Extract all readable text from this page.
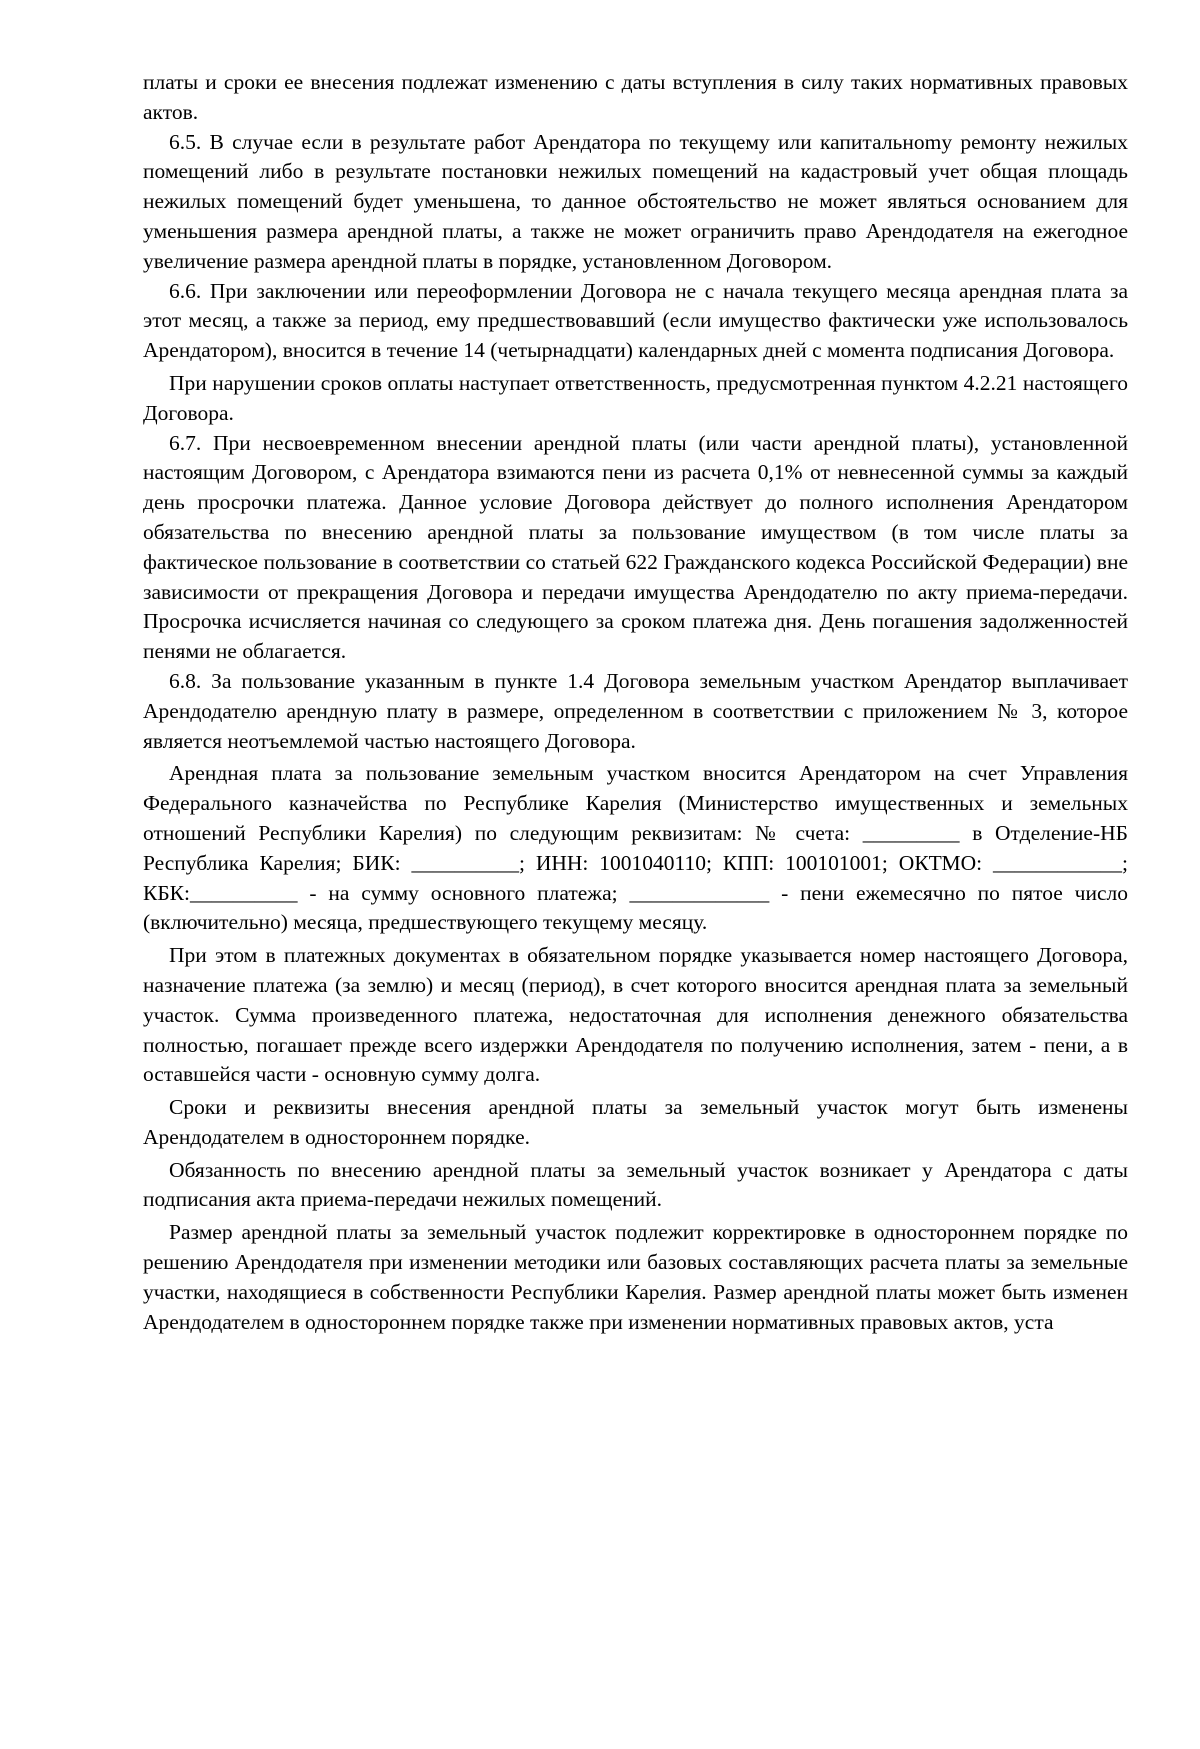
платы и сроки ее внесения подлежат изменению с даты вступления в силу таких нормативных правовых актов.

6.5. В случае если в результате работ Арендатора по текущему или капитальноmу ремонту нежилых помещений либо в результате постановки нежилых помещений на кадастровый учет общая площадь нежилых помещений будет уменьшена, то данное обстоятельство не может являться основанием для уменьшения размера арендной платы, а также не может ограничить право Арендодателя на ежегодное увеличение размера арендной платы в порядке, установленном Договором.

6.6. При заключении или переоформлении Договора не с начала текущего месяца арендная плата за этот месяц, а также за период, ему предшествовавший (если имущество фактически уже использовалось Арендатором), вносится в течение 14 (четырнадцати) календарных дней с момента подписания Договора.

При нарушении сроков оплаты наступает ответственность, предусмотренная пунктом 4.2.21 настоящего Договора.

6.7. При несвоевременном внесении арендной платы (или части арендной платы), установленной настоящим Договором, с Арендатора взимаются пени из расчета 0,1% от невнесенной суммы за каждый день просрочки платежа. Данное условие Договора действует до полного исполнения Арендатором обязательства по внесению арендной платы за пользование имуществом (в том числе платы за фактическое пользование в соответствии со статьей 622 Гражданского кодекса Российской Федерации) вне зависимости от прекращения Договора и передачи имущества Арендодателю по акту приема-передачи. Просрочка исчисляется начиная со следующего за сроком платежа дня. День погашения задолженностей пенями не облагается.

6.8. За пользование указанным в пункте 1.4 Договора земельным участком Арендатор выплачивает Арендодателю арендную плату в размере, определенном в соответствии с приложением № 3, которое является неотъемлемой частью настоящего Договора.

Арендная плата за пользование земельным участком вносится Арендатором на счет Управления Федерального казначейства по Республике Карелия (Министерство имущественных и земельных отношений Республики Карелия) по следующим реквизитам: № счета: _________ в Отделение-НБ Республика Карелия; БИК: __________; ИНН: 1001040110; КПП: 100101001; ОКТМО: ____________; КБК:__________ - на сумму основного платежа; _____________ - пени ежемесячно по пятое число (включительно) месяца, предшествующего текущему месяцу.

При этом в платежных документах в обязательном порядке указывается номер настоящего Договора, назначение платежа (за землю) и месяц (период), в счет которого вносится арендная плата за земельный участок. Сумма произведенного платежа, недостаточная для исполнения денежного обязательства полностью, погашает прежде всего издержки Арендодателя по получению исполнения, затем - пени, а в оставшейся части - основную сумму долга.

Сроки и реквизиты внесения арендной платы за земельный участок могут быть изменены Арендодателем в одностороннем порядке.

Обязанность по внесению арендной платы за земельный участок возникает у Арендатора с даты подписания акта приема-передачи нежилых помещений.

Размер арендной платы за земельный участок подлежит корректировке в одностороннем порядке по решению Арендодателя при изменении методики или базовых составляющих расчета платы за земельные участки, находящиеся в собственности Республики Карелия. Размер арендной платы может быть изменен Арендодателем в одностороннем порядке также при изменении нормативных правовых актов, уста
